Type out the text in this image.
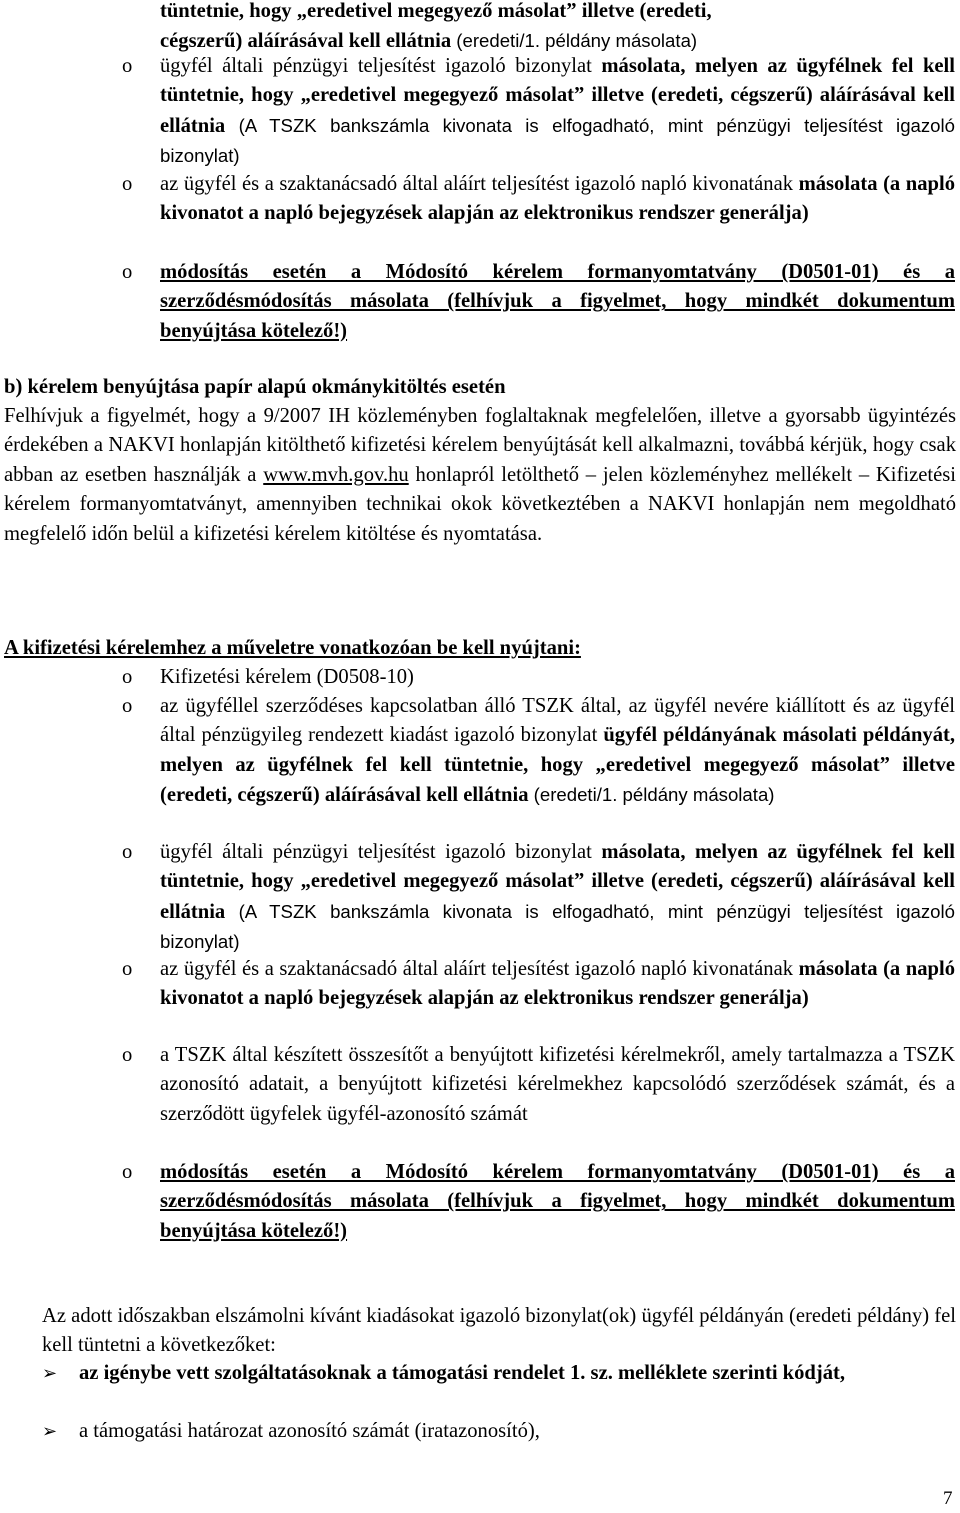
tüntetnie, hogy „eredetivel megegyező másolat” illetve (eredeti,
cégszerű) aláírásával kell ellátnia (eredeti/1. példány másolata)

o ügyfél általi pénzügyi teljesítést igazoló bizonylat másolata, melyen az ügyfélnek fel kell tüntetnie, hogy „eredetivel megegyező másolat” illetve (eredeti, cégszerű) aláírásával kell ellátnia (A TSZK bankszámla kivonata is elfogadható, mint pénzügyi teljesítést igazoló bizonylat)

o az ügyfél és a szaktanácsadó által aláírt teljesítést igazoló napló kivonatának másolata (a napló kivonatot a napló bejegyzések alapján az elektronikus rendszer generálja)

o módosítás esetén a Módosító kérelem formanyomtatvány (D0501-01) és a szerződésmódosítás másolata (felhívjuk a figyelmet, hogy mindkét dokumentum benyújtása kötelező!)

b) kérelem benyújtása papír alapú okmánykitöltés esetén

Felhívjuk a figyelmét, hogy a 9/2007 IH közleményben foglaltaknak megfelelően, illetve a gyorsabb ügyintézés érdekében a NAKVI honlapján kitölthető kifizetési kérelem benyújtását kell alkalmazni, továbbá kérjük, hogy csak abban az esetben használják a www.mvh.gov.hu honlapról letölthető – jelen közleményhez mellékelt – Kifizetési kérelem formanyomtatványt, amennyiben technikai okok következtében a NAKVI honlapján nem megoldható megfelelő időn belül a kifizetési kérelem kitöltése és nyomtatása.

A kifizetési kérelemhez a műveletre vonatkozóan be kell nyújtani:

o Kifizetési kérelem (D0508-10)

o az ügyféllel szerződéses kapcsolatban álló TSZK által, az ügyfél nevére kiállított és az ügyfél által pénzügyileg rendezett kiadást igazoló bizonylat ügyfél példányának másolati példányát, melyen az ügyfélnek fel kell tüntetnie, hogy „eredetivel megegyező másolat” illetve (eredeti, cégszerű) aláírásával kell ellátnia (eredeti/1. példány másolata)

o ügyfél általi pénzügyi teljesítést igazoló bizonylat másolata, melyen az ügyfélnek fel kell tüntetnie, hogy „eredetivel megegyező másolat” illetve (eredeti, cégszerű) aláírásával kell ellátnia (A TSZK bankszámla kivonata is elfogadható, mint pénzügyi teljesítést igazoló bizonylat)

o az ügyfél és a szaktanácsadó által aláírt teljesítést igazoló napló kivonatának másolata (a napló kivonatot a napló bejegyzések alapján az elektronikus rendszer generálja)

o a TSZK által készített összesítőt a benyújtott kifizetési kérelmekről, amely tartalmazza a TSZK azonosító adatait, a benyújtott kifizetési kérelmekhez kapcsolódó szerződések számát, és a szerződött ügyfelek ügyfél-azonosító számát

o módosítás esetén a Módosító kérelem formanyomtatvány (D0501-01) és a szerződésmódosítás másolata (felhívjuk a figyelmet, hogy mindkét dokumentum benyújtása kötelező!)

Az adott időszakban elszámolni kívánt kiadásokat igazoló bizonylat(ok) ügyfél példányán (eredeti példány) fel kell tüntetni a következőket:

➢	az igénybe vett szolgáltatásoknak a támogatási rendelet 1. sz. melléklete szerinti kódját,

➢	a támogatási határozat azonosító számát (iratazonosító),

7
